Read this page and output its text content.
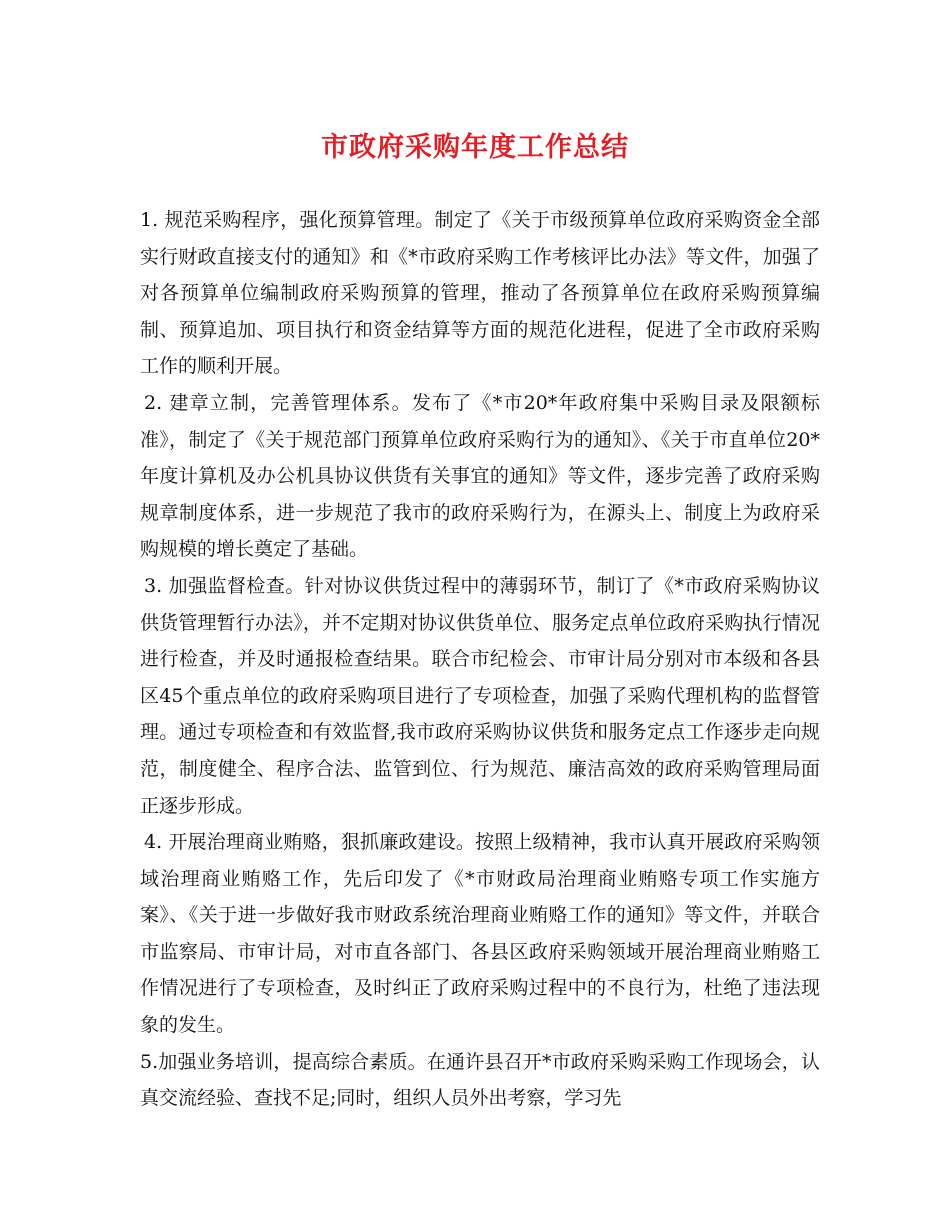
市政府采购年度工作总结

1. 规范采购程序，强化预算管理。制定了《关于市级预算单位政府采购资金全部实行财政直接支付的通知》和《*市政府采购工作考核评比办法》等文件，加强了对各预算单位编制政府采购预算的管理，推动了各预算单位在政府采购预算编制、预算追加、项目执行和资金结算等方面的规范化进程，促进了全市政府采购工作的顺利开展。

2. 建章立制，完善管理体系。发布了《*市20*年政府集中采购目录及限额标准》，制定了《关于规范部门预算单位政府采购行为的通知》、《关于市直单位20* 年度计算机及办公机具协议供货有关事宜的通知》等文件，逐步完善了政府采购规章制度体系，进一步规范了我市的政府采购行为，在源头上、制度上为政府采购规模的增长奠定了基础。

3. 加强监督检查。针对协议供货过程中的薄弱环节，制订了《*市政府采购协议供货管理暂行办法》，并不定期对协议供货单位、服务定点单位政府采购执行情况进行检查，并及时通报检查结果。联合市纪检会、市审计局分别对市本级和各县区45个重点单位的政府采购项目进行了专项检查，加强了采购代理机构的监督管理。通过专项检查和有效监督,我市政府采购协议供货和服务定点工作逐步走向规范，制度健全、程序合法、监管到位、行为规范、廉洁高效的政府采购管理局面正逐步形成。

4. 开展治理商业贿赂，狠抓廉政建设。按照上级精神，我市认真开展政府采购领域治理商业贿赂工作，先后印发了《*市财政局治理商业贿赂专项工作实施方案》、《关于进一步做好我市财政系统治理商业贿赂工作的通知》等文件，并联合市监察局、市审计局，对市直各部门、各县区政府采购领域开展治理商业贿赂工作情况进行了专项检查，及时纠正了政府采购过程中的不良行为，杜绝了违法现象的发生。

5.加强业务培训，提高综合素质。在通许县召开*市政府采购采购工作现场会，认真交流经验、查找不足;同时，组织人员外出考察，学习先
